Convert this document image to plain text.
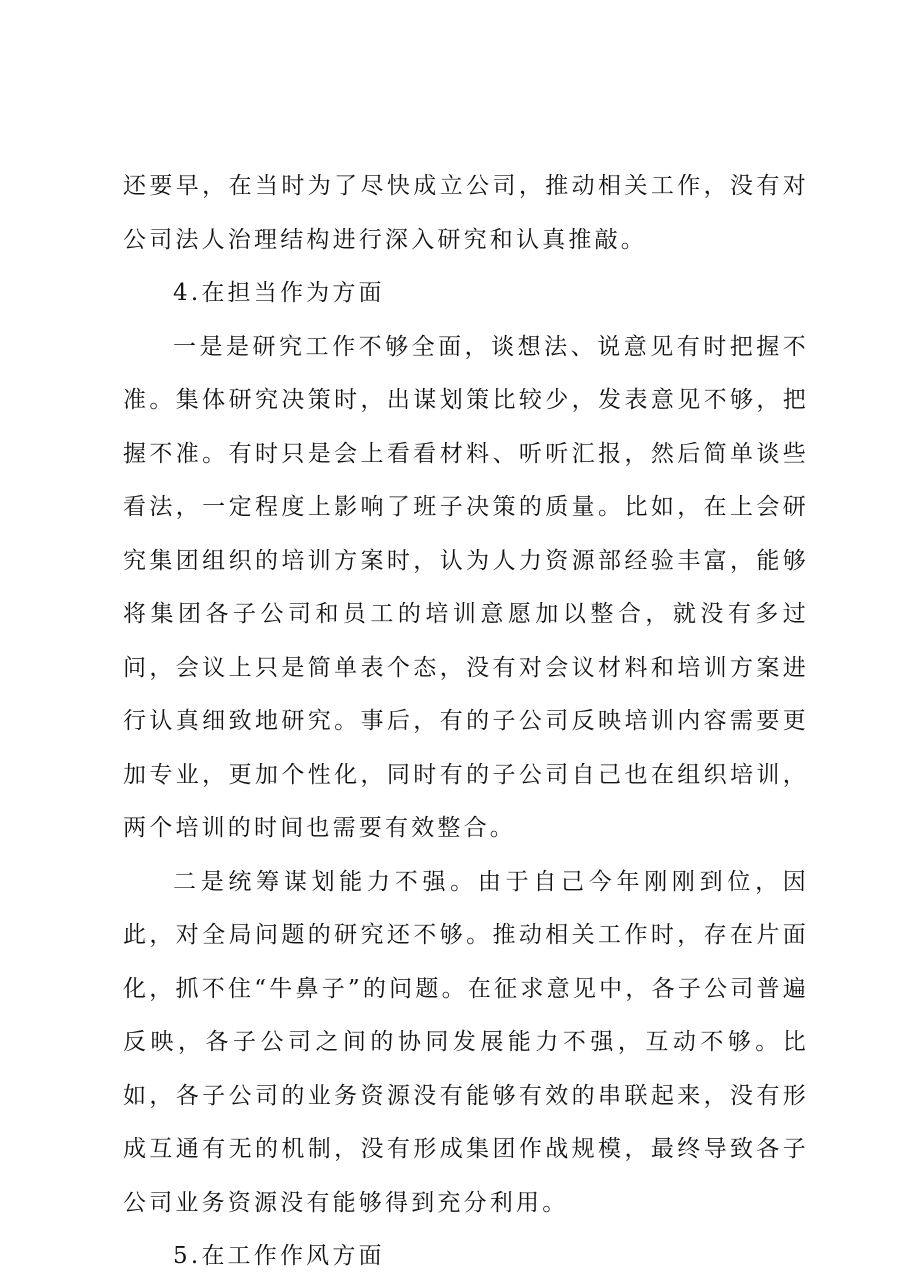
还要早，在当时为了尽快成立公司，推动相关工作，没有对公司法人治理结构进行深入研究和认真推敲。

4.在担当作为方面

一是是研究工作不够全面，谈想法、说意见有时把握不准。集体研究决策时，出谋划策比较少，发表意见不够，把握不准。有时只是会上看看材料、听听汇报，然后简单谈些看法，一定程度上影响了班子决策的质量。比如，在上会研究集团组织的培训方案时，认为人力资源部经验丰富，能够将集团各子公司和员工的培训意愿加以整合，就没有多过问，会议上只是简单表个态，没有对会议材料和培训方案进行认真细致地研究。事后，有的子公司反映培训内容需要更加专业，更加个性化，同时有的子公司自己也在组织培训，两个培训的时间也需要有效整合。

二是统筹谋划能力不强。由于自己今年刚刚到位，因此，对全局问题的研究还不够。推动相关工作时，存在片面化，抓不住“牛鼻子”的问题。在征求意见中，各子公司普遍反映，各子公司之间的协同发展能力不强，互动不够。比如，各子公司的业务资源没有能够有效的串联起来，没有形成互通有无的机制，没有形成集团作战规模，最终导致各子公司业务资源没有能够得到充分利用。

5.在工作作风方面
